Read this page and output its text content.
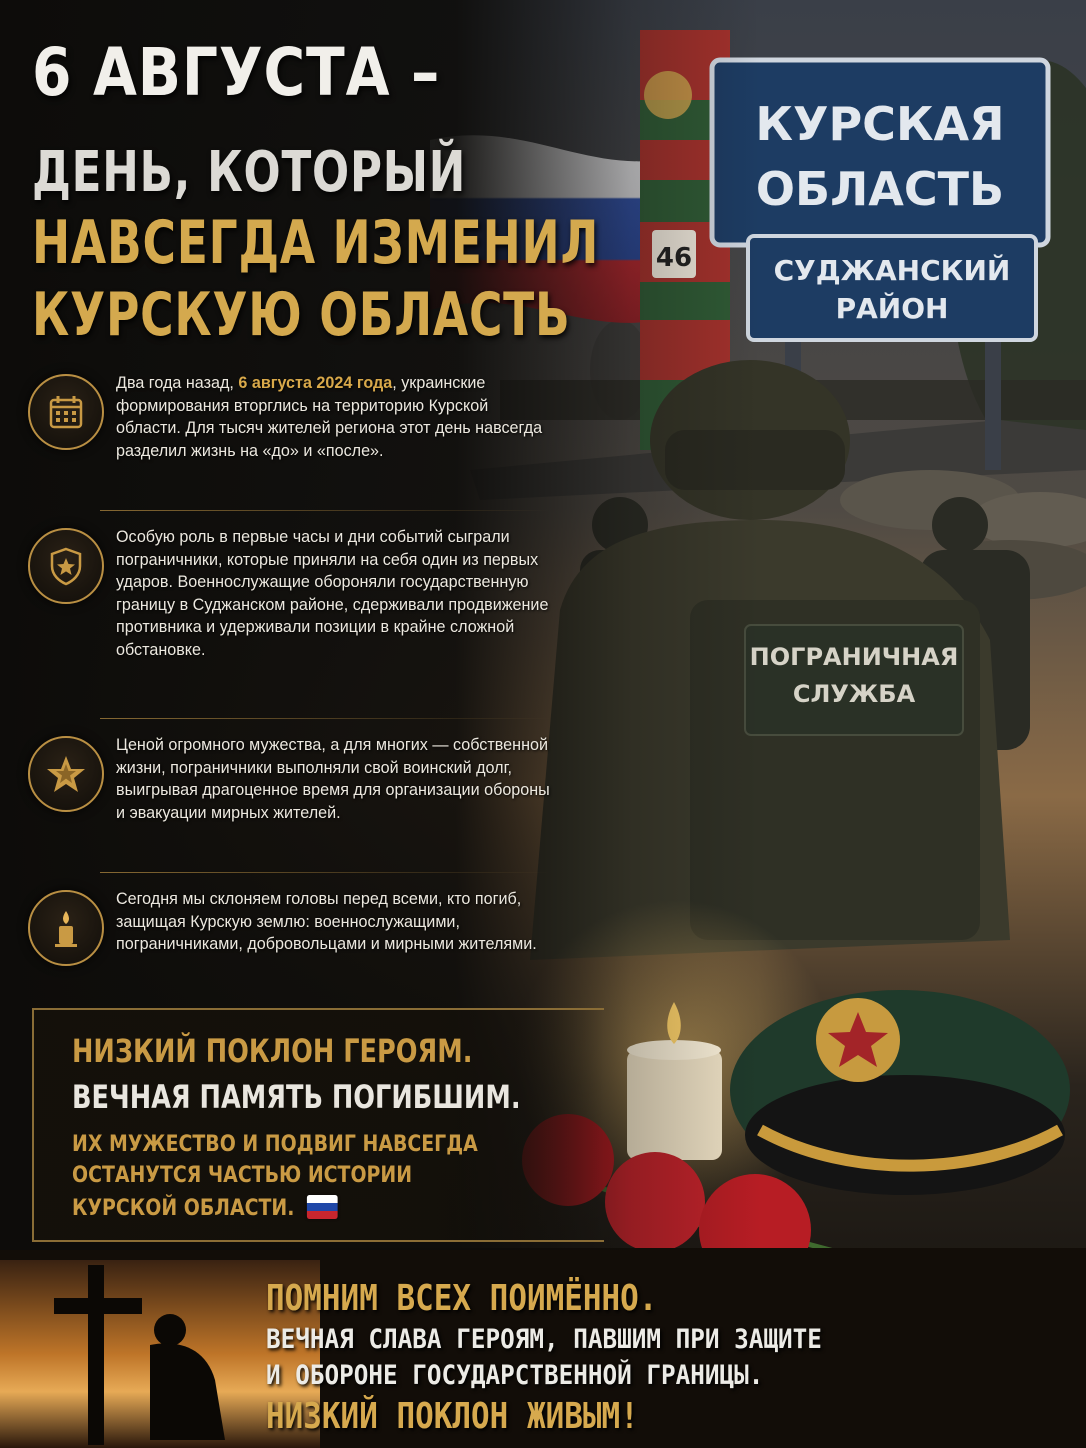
6 АВГУСТА –
ДЕНЬ, КОТОРЫЙ
НАВСЕГДА ИЗМЕНИЛ
КУРСКУЮ ОБЛАСТЬ

Два года назад, 6 августа 2024 года, украинские формирования вторглись на территорию Курской области. Для тысяч жителей региона этот день навсегда разделил жизнь на «до» и «после».

Особую роль в первые часы и дни событий сыграли пограничники, которые приняли на себя один из первых ударов. Военнослужащие обороняли государственную границу в Суджанском районе, сдерживали продвижение противника и удерживали позиции в крайне сложной обстановке.

Ценой огромного мужества, а для многих — собственной жизни, пограничники выполняли свой воинский долг, выигрывая драгоценное время для организации обороны и эвакуации мирных жителей.

Сегодня мы склоняем головы перед всеми, кто погиб, защищая Курскую землю: военнослужащими, пограничниками, добровольцами и мирными жителями.

НИЗКИЙ ПОКЛОН ГЕРОЯМ.

ВЕЧНАЯ ПАМЯТЬ ПОГИБШИМ.

ИХ МУЖЕСТВО И ПОДВИГ НАВСЕГДА

ОСТАНУТСЯ ЧАСТЬЮ ИСТОРИИ

КУРСКОЙ ОБЛАСТИ.

ПОМНИМ ВСЕХ ПОИМЁННО.

ВЕЧНАЯ СЛАВА ГЕРОЯМ, ПАВШИМ ПРИ ЗАЩИТЕ

И ОБОРОНЕ ГОСУДАРСТВЕННОЙ ГРАНИЦЫ.

НИЗКИЙ ПОКЛОН ЖИВЫМ!
